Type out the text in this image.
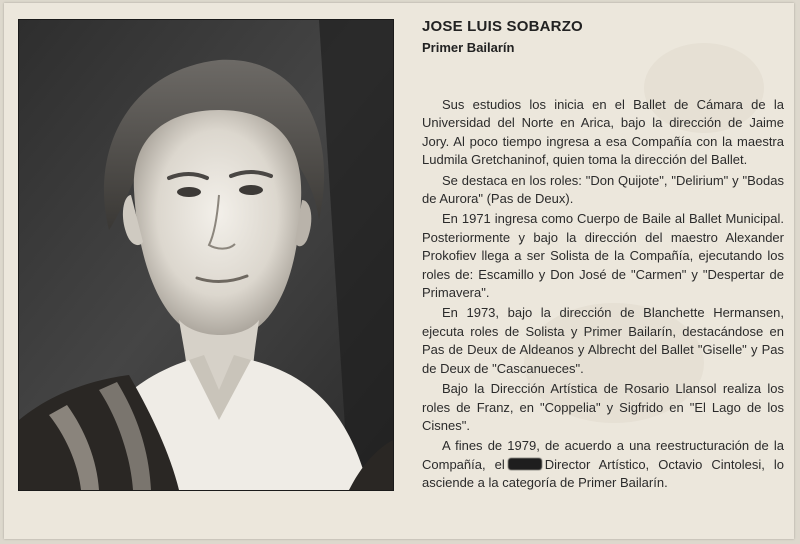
JOSE LUIS SOBARZO

Primer Bailarín

Sus estudios los inicia en el Ballet de Cámara de la Universidad del Norte en Arica, bajo la dirección de Jaime Jory. Al poco tiempo ingresa a esa Compañía con la maestra Ludmila Gretchaninof, quien toma la dirección del Ballet.

Se destaca en los roles: "Don Quijote", "Delirium" y "Bodas de Aurora" (Pas de Deux).

En 1971 ingresa como Cuerpo de Baile al Ballet Municipal. Posteriormente y bajo la dirección del maestro Alexander Prokofiev llega a ser Solista de la Compañía, ejecutando los roles de: Escamillo y Don José de "Carmen" y "Despertar de Primavera".

En 1973, bajo la dirección de Blanchette Hermansen, ejecuta roles de Solista y Primer Bailarín, destacándose en Pas de Deux de Aldeanos y Albrecht del Ballet "Giselle" y Pas de Deux de "Cascanueces".

Bajo la Dirección Artística de Rosario Llansol realiza los roles de Franz, en "Coppelia" y Sigfrido en "El Lago de los Cisnes".

A fines de 1979, de acuerdo a una reestructuración de la Compañía, el	Director Artístico, Octavio Cintolesi, lo asciende a la categoría de Primer Bailarín.
